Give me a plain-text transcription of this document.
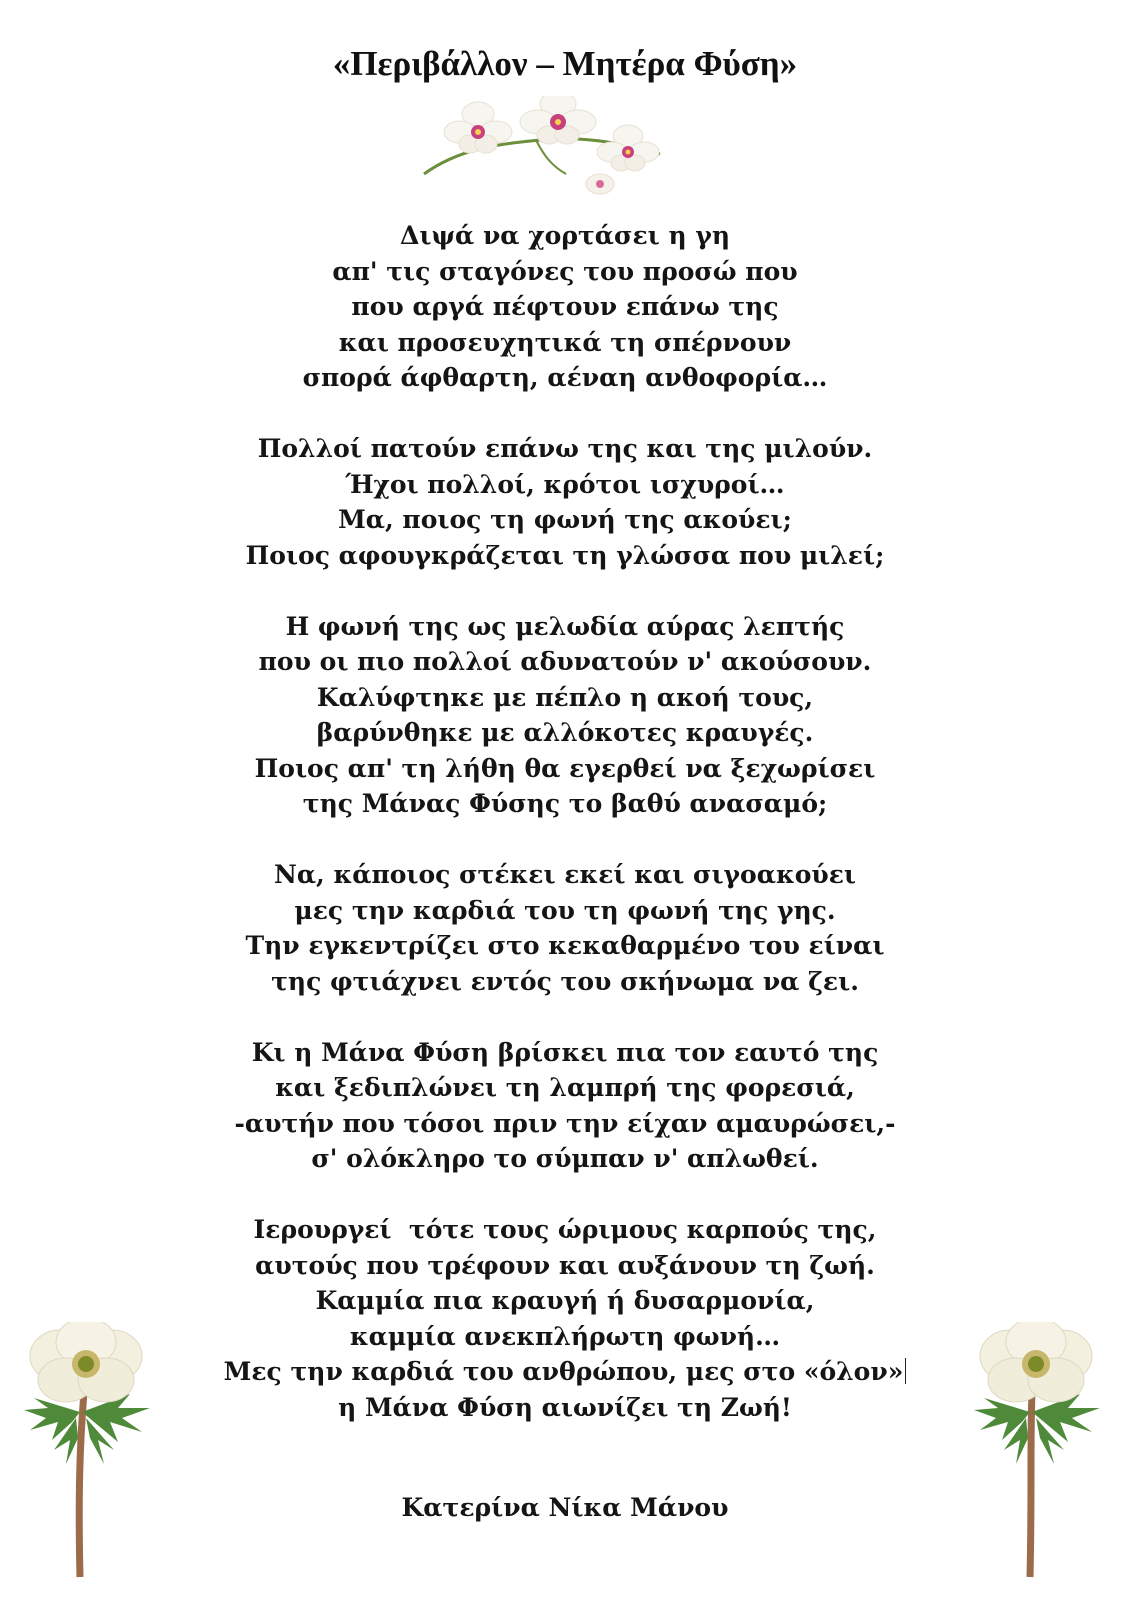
«Περιβάλλον – Μητέρα Φύση»
Διψά να χορτάσει η γη
απ' τις σταγόνες του προσώ που
που αργά πέφτουν επάνω της
και προσευχητικά τη σπέρνουν
σπορά άφθαρτη, αέναη ανθοφορία…
Πολλοί πατούν επάνω της και της μιλούν.
Ήχοι πολλοί, κρότοι ισχυροί…
Μα, ποιος τη φωνή της ακούει;
Ποιος αφουγκράζεται τη γλώσσα που μιλεί;
Η φωνή της ως μελωδία αύρας λεπτής
που οι πιο πολλοί αδυνατούν ν' ακούσουν.
Καλύφτηκε με πέπλο η ακοή τους,
βαρύνθηκε με αλλόκοτες κραυγές.
Ποιος απ' τη λήθη θα εγερθεί να ξεχωρίσει
της Μάνας Φύσης το βαθύ ανασαμό;
Να, κάποιος στέκει εκεί και σιγοακούει
μες την καρδιά του τη φωνή της γης.
Την εγκεντρίζει στο κεκαθαρμένο του είναι
της φτιάχνει εντός του σκήνωμα να ζει.
Κι η Μάνα Φύση βρίσκει πια τον εαυτό της
και ξεδιπλώνει τη λαμπρή της φορεσιά,
-αυτήν που τόσοι πριν την είχαν αμαυρώσει,-
σ' ολόκληρο το σύμπαν ν' απλωθεί.
Ιερουργεί  τότε τους ώριμους καρπούς της,
αυτούς που τρέφουν και αυξάνουν τη ζωή.
Καμμία πια κραυγή ή δυσαρμονία,
καμμία ανεκπλήρωτη φωνή…
Μες την καρδιά του ανθρώπου, μες στο «όλον»
η Μάνα Φύση αιωνίζει τη Ζωή!
Κατερίνα Νίκα Μάνου
